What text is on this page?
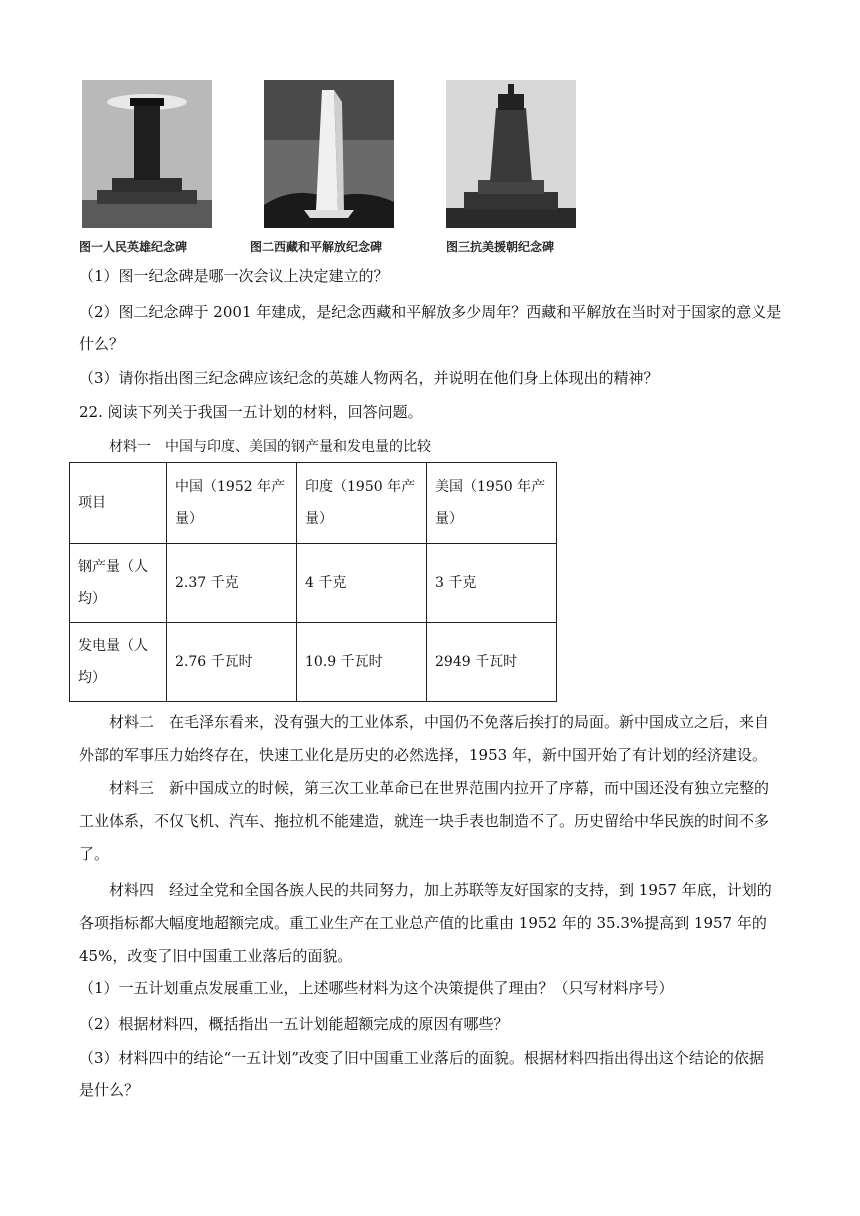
图一人民英雄纪念碑	图二西藏和平解放纪念碑	图三抗美援朝纪念碑
（1）图一纪念碑是哪一次会议上决定建立的？
（2）图二纪念碑于 2001 年建成，是纪念西藏和平解放多少周年？西藏和平解放在当时对于国家的意义是
什么？
（3）请你指出图三纪念碑应该纪念的英雄人物两名，并说明在他们身上体现出的精神？
22. 阅读下列关于我国一五计划的材料，回答问题。
材料一　中国与印度、美国的钢产量和发电量的比较
项目	中国（1952 年产量）	印度（1950 年产量）	美国（1950 年产量）
钢产量（人均）	2.37 千克	4 千克	3 千克
发电量（人均）	2.76 千瓦时	10.9 千瓦时	2949 千瓦时
材料二　在毛泽东看来，没有强大的工业体系，中国仍不免落后挨打的局面。新中国成立之后，来自外部的军事压力始终存在，快速工业化是历史的必然选择，1953 年，新中国开始了有计划的经济建设。
材料三　新中国成立的时候，第三次工业革命已在世界范围内拉开了序幕，而中国还没有独立完整的工业体系，不仅飞机、汽车、拖拉机不能建造，就连一块手表也制造不了。历史留给中华民族的时间不多了。
材料四　经过全党和全国各族人民的共同努力，加上苏联等友好国家的支持，到 1957 年底，计划的各项指标都大幅度地超额完成。重工业生产在工业总产值的比重由 1952 年的 35.3%提高到 1957 年的 45%，改变了旧中国重工业落后的面貌。
（1）一五计划重点发展重工业，上述哪些材料为这个决策提供了理由？（只写材料序号）
（2）根据材料四，概括指出一五计划能超额完成的原因有哪些？
（3）材料四中的结论“一五计划”改变了旧中国重工业落后的面貌。根据材料四指出得出这个结论的依据
是什么？
